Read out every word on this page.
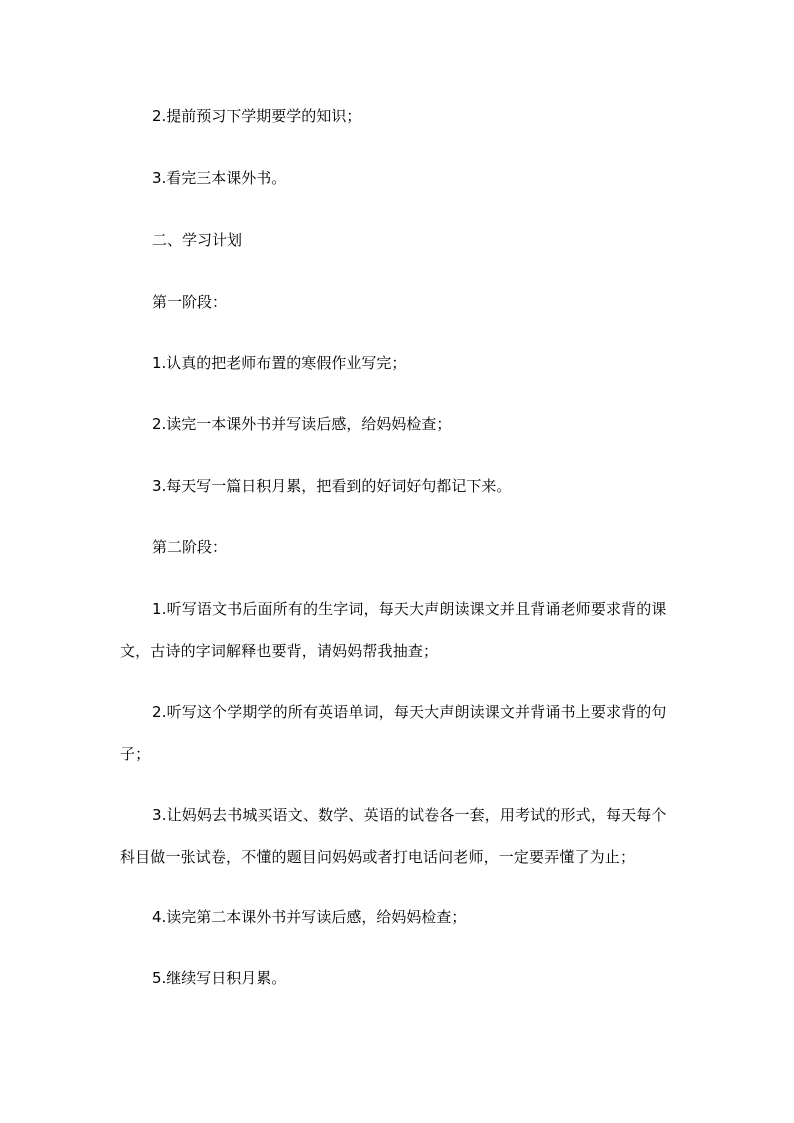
2.提前预习下学期要学的知识；

3.看完三本课外书。

二、学习计划

第一阶段：

1.认真的把老师布置的寒假作业写完；

2.读完一本课外书并写读后感，给妈妈检查；

3.每天写一篇日积月累，把看到的好词好句都记下来。

第二阶段：

1.听写语文书后面所有的生字词，每天大声朗读课文并且背诵老师要求背的课文，古诗的字词解释也要背，请妈妈帮我抽查；

2.听写这个学期学的所有英语单词，每天大声朗读课文并背诵书上要求背的句子；

3.让妈妈去书城买语文、数学、英语的试卷各一套，用考试的形式，每天每个科目做一张试卷，不懂的题目问妈妈或者打电话问老师，一定要弄懂了为止；

4.读完第二本课外书并写读后感，给妈妈检查；

5.继续写日积月累。
